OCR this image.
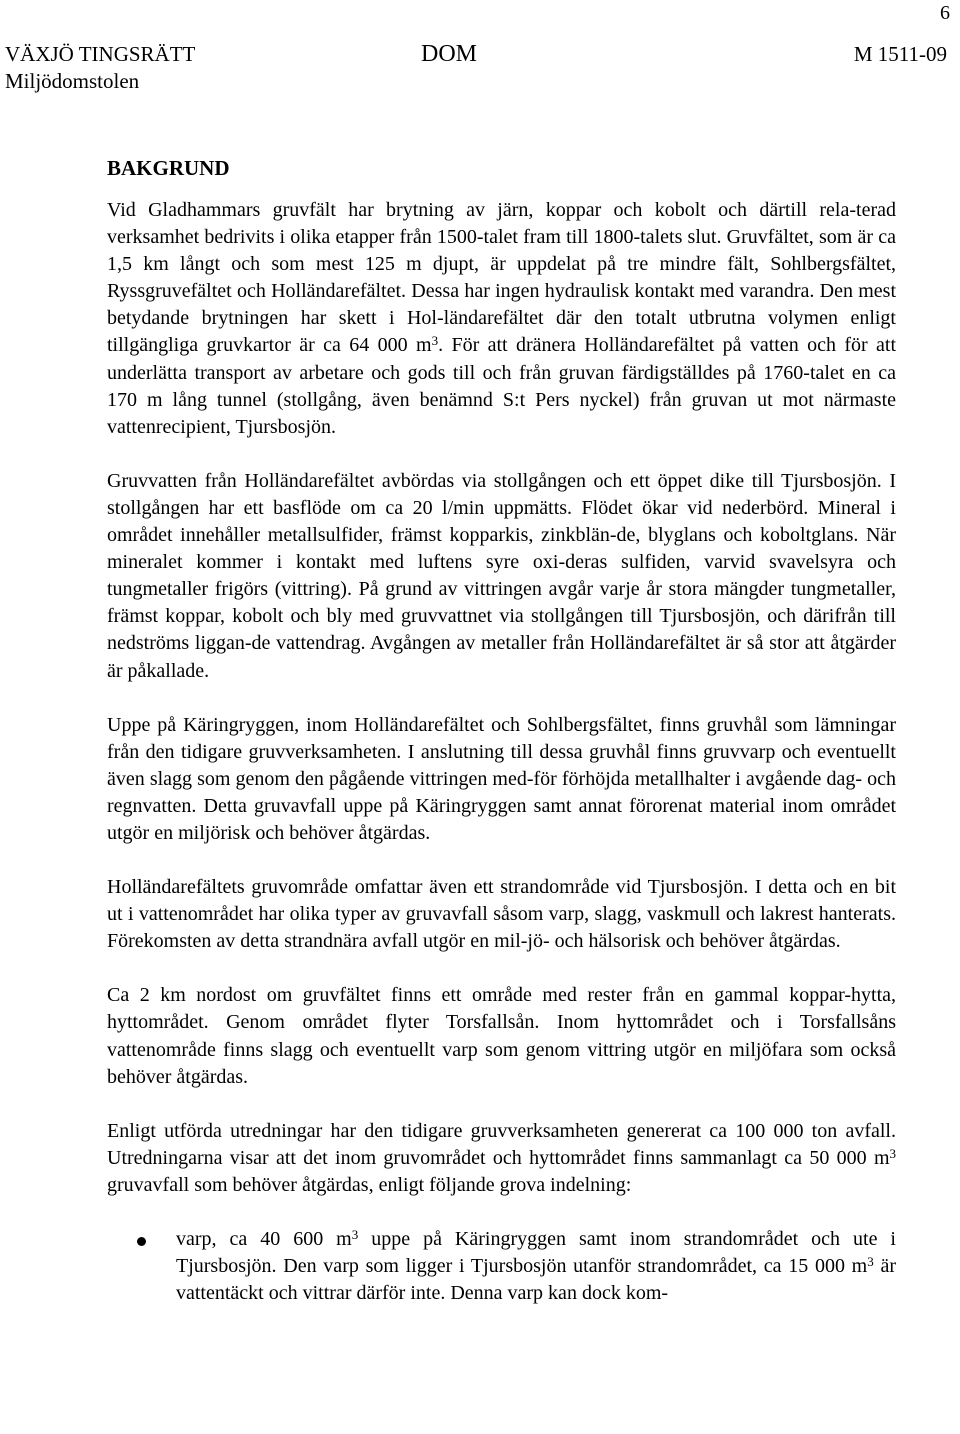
6
VÄXJÖ TINGSRÄTT
Miljödomstolen
DOM	M 1511-09
BAKGRUND

Vid Gladhammars gruvfält har brytning av järn, koppar och kobolt och därtill rela-terad verksamhet bedrivits i olika etapper från 1500-talet fram till 1800-talets slut. Gruvfältet, som är ca 1,5 km långt och som mest 125 m djupt, är uppdelat på tre mindre fält, Sohlbergsfältet, Ryssgruvefältet och Holländarefältet. Dessa har ingen hydraulisk kontakt med varandra. Den mest betydande brytningen har skett i Hol-ländarefältet där den totalt utbrutna volymen enligt tillgängliga gruvkartor är ca 64 000 $m^3$. För att dränera Holländarefältet på vatten och för att underlätta transport av arbetare och gods till och från gruvan färdigställdes på 1760-talet en ca 170 m lång tunnel (stollgång, även benämnd S:t Pers nyckel) från gruvan ut mot närmaste vattenrecipient, Tjursbosjön.

Gruvvatten från Holländarefältet avbördas via stollgången och ett öppet dike till Tjursbosjön. I stollgången har ett basflöde om ca 20 l/min uppmätts. Flödet ökar vid nederbörd. Mineral i området innehåller metallsulfider, främst kopparkis, zinkblän-de, blyglans och koboltglans. När mineralet kommer i kontakt med luftens syre oxi-deras sulfiden, varvid svavelsyra och tungmetaller frigörs (vittring). På grund av vittringen avgår varje år stora mängder tungmetaller, främst koppar, kobolt och bly med gruvvattnet via stollgången till Tjursbosjön, och därifrån till nedströms liggan-de vattendrag. Avgången av metaller från Holländarefältet är så stor att åtgärder är påkallade.

Uppe på Käringryggen, inom Holländarefältet och Sohlbergsfältet, finns gruvhål som lämningar från den tidigare gruvverksamheten. I anslutning till dessa gruvhål finns gruvvarp och eventuellt även slagg som genom den pågående vittringen med-för förhöjda metallhalter i avgående dag- och regnvatten. Detta gruvavfall uppe på Käringryggen samt annat förorenat material inom området utgör en miljörisk och behöver åtgärdas.

Holländarefältets gruvområde omfattar även ett strandområde vid Tjursbosjön. I detta och en bit ut i vattenområdet har olika typer av gruvavfall såsom varp, slagg, vaskmull och lakrest hanterats. Förekomsten av detta strandnära avfall utgör en mil-jö- och hälsorisk och behöver åtgärdas.

Ca 2 km nordost om gruvfältet finns ett område med rester från en gammal koppar-hytta, hyttområdet. Genom området flyter Torsfallsån. Inom hyttområdet och i Torsfallsåns vattenområde finns slagg och eventuellt varp som genom vittring utgör en miljöfara som också behöver åtgärdas.

Enligt utförda utredningar har den tidigare gruvverksamheten genererat ca 100 000 ton avfall. Utredningarna visar att det inom gruvområdet och hyttområdet finns sammanlagt ca 50 000 $m^3$ gruvavfall som behöver åtgärdas, enligt följande grova indelning:

varp, ca 40 600 $m^3$ uppe på Käringryggen samt inom strandområdet och ute i Tjursbosjön. Den varp som ligger i Tjursbosjön utanför strandområdet, ca 15 000 $m^3$ är vattentäckt och vittrar därför inte. Denna varp kan dock kom-
